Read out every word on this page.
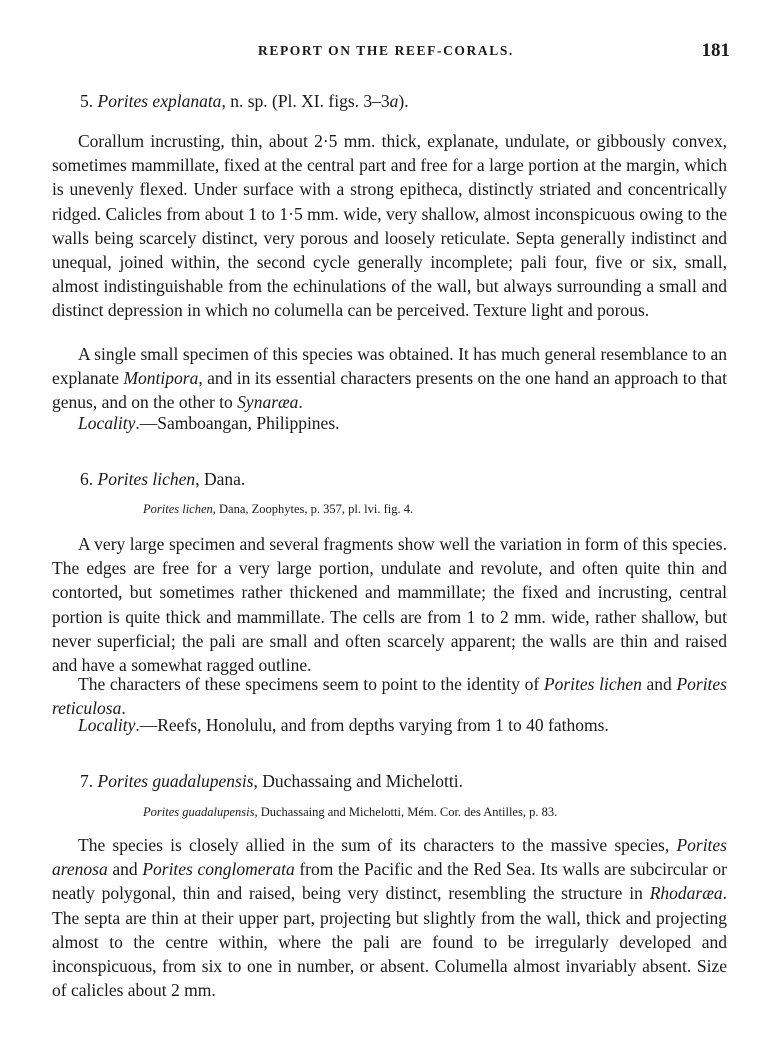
REPORT ON THE REEF-CORALS.	181
5. Porites explanata, n. sp. (Pl. XI. figs. 3–3a).

Corallum incrusting, thin, about 2·5 mm. thick, explanate, undulate, or gibbously convex, sometimes mammillate, fixed at the central part and free for a large portion at the margin, which is unevenly flexed. Under surface with a strong epitheca, distinctly striated and concentrically ridged. Calicles from about 1 to 1·5 mm. wide, very shallow, almost inconspicuous owing to the walls being scarcely distinct, very porous and loosely reticulate. Septa generally indistinct and unequal, joined within, the second cycle generally incomplete; pali four, five or six, small, almost indistinguishable from the echinulations of the wall, but always surrounding a small and distinct depression in which no columella can be perceived. Texture light and porous.

A single small specimen of this species was obtained. It has much general resemblance to an explanate Montipora, and in its essential characters presents on the one hand an approach to that genus, and on the other to Synaræa.

Locality.—Samboangan, Philippines.

6. Porites lichen, Dana.
Porites lichen, Dana, Zoophytes, p. 357, pl. lvi. fig. 4.

A very large specimen and several fragments show well the variation in form of this species. The edges are free for a very large portion, undulate and revolute, and often quite thin and contorted, but sometimes rather thickened and mammillate; the fixed and incrusting, central portion is quite thick and mammillate. The cells are from 1 to 2 mm. wide, rather shallow, but never superficial; the pali are small and often scarcely apparent; the walls are thin and raised and have a somewhat ragged outline.

The characters of these specimens seem to point to the identity of Porites lichen and Porites reticulosa.

Locality.—Reefs, Honolulu, and from depths varying from 1 to 40 fathoms.

7. Porites guadalupensis, Duchassaing and Michelotti.
Porites guadalupensis, Duchassaing and Michelotti, Mém. Cor. des Antilles, p. 83.

The species is closely allied in the sum of its characters to the massive species, Porites arenosa and Porites conglomerata from the Pacific and the Red Sea. Its walls are subcircular or neatly polygonal, thin and raised, being very distinct, resembling the structure in Rhodaræa. The septa are thin at their upper part, projecting but slightly from the wall, thick and projecting almost to the centre within, where the pali are found to be irregularly developed and inconspicuous, from six to one in number, or absent. Columella almost invariably absent. Size of calicles about 2 mm.
